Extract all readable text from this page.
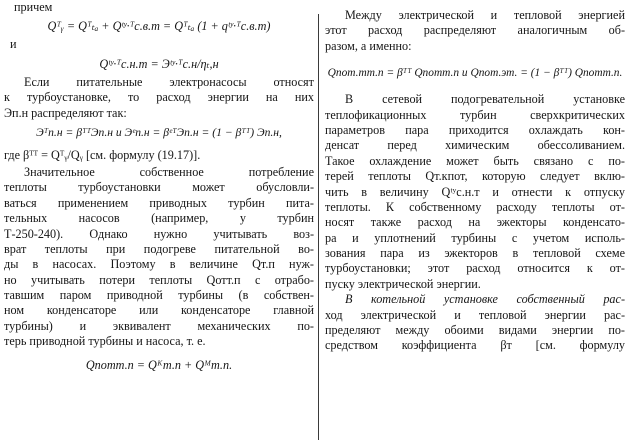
причем
Qᵀᵧ = Qᵀₜₐ + Qᵗʸ·ᵀс.в.т = Qᵀₜₐ (1 + qᵗʸ·ᵀс.в.т)
и
Qᵗʸ·ᵀс.н.т = Эᵗʸ·ᵀс.н/ηₜ,н
Если питательные электронасосы относят
к турбоустановке, то расход энергии на них
Эп.н распределяют так:
Эᵀп.н = βᵀᵀЭп.н и Эᵉп.н = βᵉᵀЭп.н = (1 − βᵀᵀ) Эп.н,
где βᵀᵀ = Qᵀᵧ/Qᵧ [см. формулу (19.17)].
Значительное собственное потребление
теплоты турбоустановки может обусловли-
ваться применением приводных турбин пита-
тельных насосов (например, у турбин
Т-250-240). Однако нужно учитывать воз-
врат теплоты при подогреве питательной во-
ды в насосах. Поэтому в величине Qт.п нуж-
но учитывать потери теплоты Qотт.п с отрабо-
тавшим паром приводной турбины (в собствен-
ном конденсаторе или конденсаторе главной
турбины) и эквивалент механических по-
терь приводной турбины и насоса, т. е.
Qпотт.п = Qᴷт.п + Qᴹт.п.
Между электрической и тепловой энергией
этот расход распределяют аналогичным об-
разом, а именно:
Qпот.тт.п = βᵀᵀ Qпотт.п и Qпот.эт. = (1 − βᵀᵀ) Qпотт.п.
В сетевой подогревательной установке
теплофикационных турбин сверхкритических
параметров пара приходится охлаждать кон-
денсат перед химическим обессоливанием.
Такое охлаждение может быть связано с по-
терей теплоты Qт.кпот, которую следует вклю-
чить в величину Qᵗʸс.н.т и отнести к отпуску
теплоты. К собственному расходу теплоты от-
носят также расход на эжекторы конденсато-
ра и уплотнений турбины с учетом исполь-
зования пара из эжекторов в тепловой схеме
турбоустановки; этот расход относится к от-
пуску электрической энергии.
В котельной установке собственный рас-
ход электрической и тепловой энергии рас-
пределяют между обоими видами энергии по-
средством коэффициента βт [см. формулу
